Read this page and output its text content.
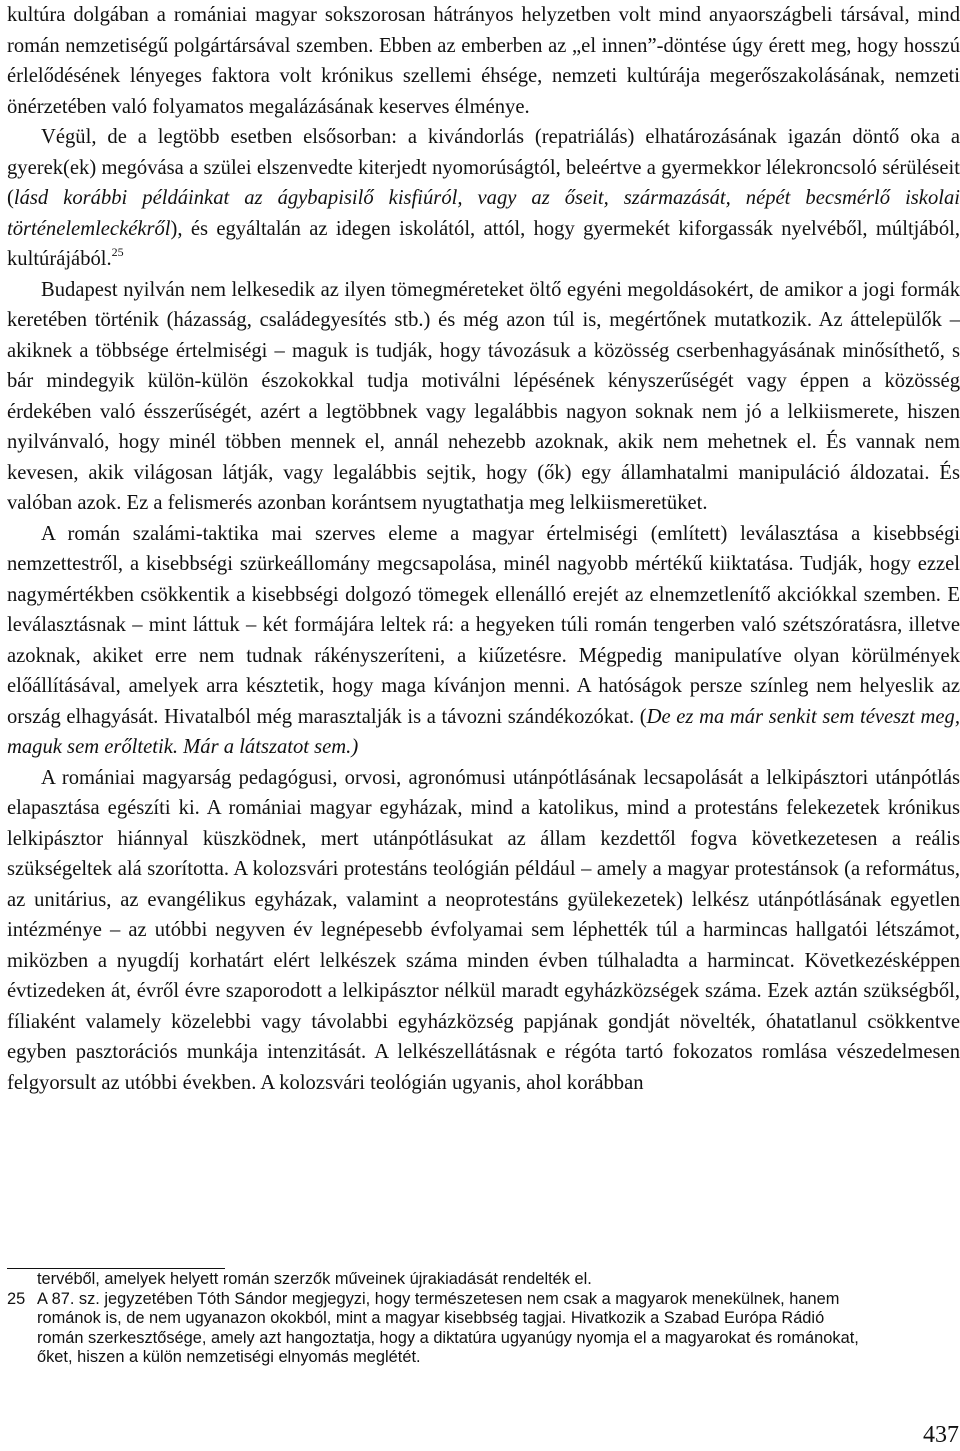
kultúra dolgában a romániai magyar sokszorosan hátrányos helyzetben volt mind anyaországbeli társával, mind román nemzetiségű polgártársával szemben. Ebben az emberben az „el innen”-döntése úgy érett meg, hogy hosszú érlelődésének lényeges faktora volt krónikus szellemi éhsége, nemzeti kultúrája megerőszakolásának, nemzeti önérzetében való folyamatos megalázásának keserves élménye.

Végül, de a legtöbb esetben elsősorban: a kivándorlás (repatriálás) elhatározásának igazán döntő oka a gyerek(ek) megóvása a szülei elszenvedte kiterjedt nyomorúságtól, beleértve a gyermekkor lélekroncsoló sérüléseit (lásd korábbi példáinkat az ágybapisilő kisfiúról, vagy az őseit, származását, népét becsmérlő iskolai történelemleckékről), és egyáltalán az idegen iskolától, attól, hogy gyermekét kiforgassák nyelvéből, múltjából, kultúrájából.$^{25}$

Budapest nyilván nem lelkesedik az ilyen tömegméreteket öltő egyéni megoldásokért, de amikor a jogi formák keretében történik (házasság, családegyesítés stb.) és még azon túl is, megértőnek mutatkozik. Az áttelepülők – akiknek a többsége értelmiségi – maguk is tudják, hogy távozásuk a közösség cserbenhagyásának minősíthető, s bár mindegyik külön-külön észokokkal tudja motiválni lépésének kényszerűségét vagy éppen a közösség érdekében való ésszerűségét, azért a legtöbbnek vagy legalábbis nagyon soknak nem jó a lelkiismerete, hiszen nyilvánvaló, hogy minél többen mennek el, annál nehezebb azoknak, akik nem mehetnek el. És vannak nem kevesen, akik világosan látják, vagy legalábbis sejtik, hogy (ők) egy államhatalmi manipuláció áldozatai. És valóban azok. Ez a felismerés azonban korántsem nyugtathatja meg lelkiismeretüket.

A román szalámi-taktika mai szerves eleme a magyar értelmiségi (említett) leválasztása a kisebbségi nemzettestről, a kisebbségi szürkeállomány megcsapolása, minél nagyobb mértékű kiiktatása. Tudják, hogy ezzel nagymértékben csökkentik a kisebbségi dolgozó tömegek ellenálló erejét az elnemzetlenítő akciókkal szemben. E leválasztásnak – mint láttuk – két formájára leltek rá: a hegyeken túli román tengerben való szétszóratásra, illetve azoknak, akiket erre nem tudnak rákényszeríteni, a kiűzetésre. Mégpedig manipulatíve olyan körülmények előállításával, amelyek arra késztetik, hogy maga kívánjon menni. A hatóságok persze színleg nem helyeslik az ország elhagyását. Hivatalból még marasztalják is a távozni szándékozókat. (De ez ma már senkit sem téveszt meg, maguk sem erőltetik. Már a látszatot sem.)

A romániai magyarság pedagógusi, orvosi, agronómusi utánpótlásának lecsapolását a lelkipásztori utánpótlás elapasztása egészíti ki. A romániai magyar egyházak, mind a katolikus, mind a protestáns felekezetek krónikus lelkipásztor hiánnyal küszködnek, mert utánpótlásukat az állam kezdettől fogva következetesen a reális szükségeltek alá szorította. A kolozsvári protestáns teológián például – amely a magyar protestánsok (a református, az unitárius, az evangélikus egyházak, valamint a neoprotestáns gyülekezetek) lelkész utánpótlásának egyetlen intézménye – az utóbbi negyven év legnépesebb évfolyamai sem léphették túl a harmincas hallgatói létszámot, miközben a nyugdíj korhatárt elért lelkészek száma minden évben túlhaladta a harmincat. Következésképpen évtizedeken át, évről évre szaporodott a lelkipásztor nélkül maradt egyházközségek száma. Ezek aztán szükségből, fíliaként valamely közelebbi vagy távolabbi egyházközség papjának gondját növelték, óhatatlanul csökkentve egyben pasztorációs munkája intenzitását. A lelkészellátásnak e régóta tartó fokozatos romlása vészedelmesen felgyorsult az utóbbi években. A kolozsvári teológián ugyanis, ahol korábban

tervéből, amelyek helyett román szerzők műveinek újrakiadását rendelték el.
25 A 87. sz. jegyzetében Tóth Sándor megjegyzi, hogy természetesen nem csak a magyarok menekülnek, hanem
románok is, de nem ugyanazon okokból, mint a magyar kisebbség tagjai. Hivatkozik a Szabad Európa Rádió
román szerkesztősége, amely azt hangoztatja, hogy a diktatúra ugyanúgy nyomja el a magyarokat és románokat,
őket, hiszen a külön nemzetiségi elnyomás meglétét.
437
